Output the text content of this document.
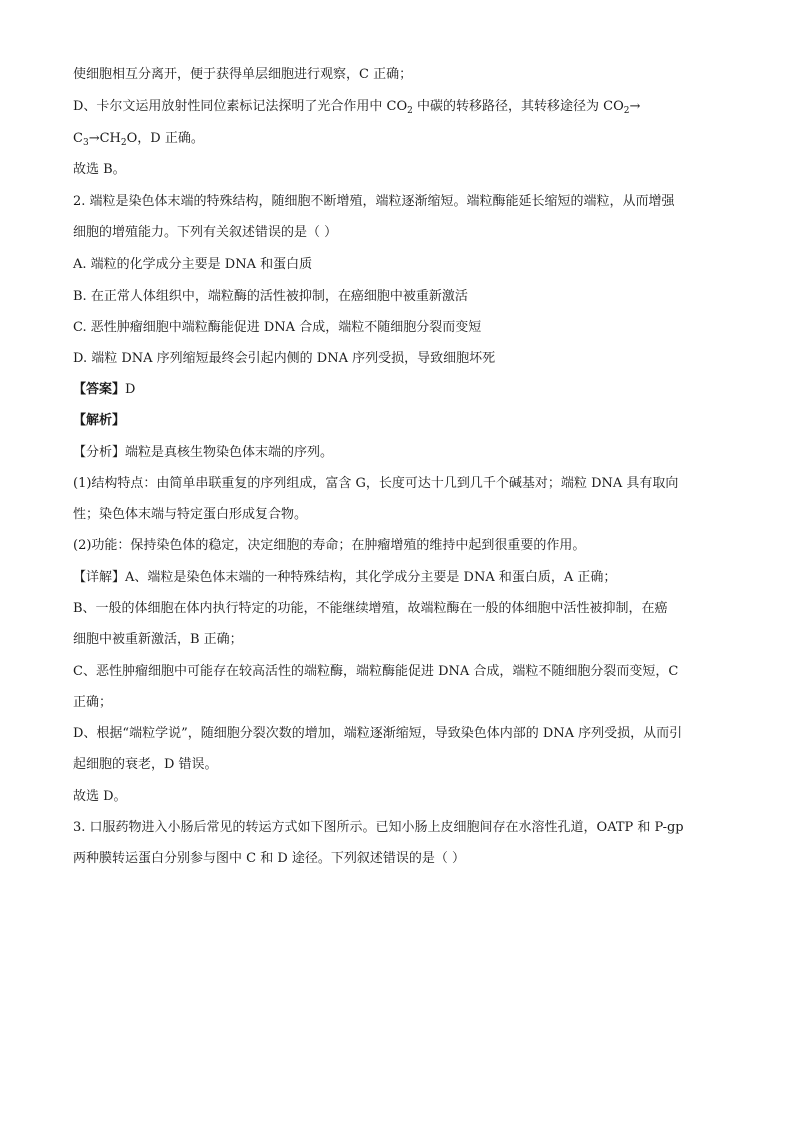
使细胞相互分离开，便于获得单层细胞进行观察，C 正确；
D、卡尔文运用放射性同位素标记法探明了光合作用中 $CO_2$ 中碳的转移路径，其转移途径为 $CO_2\to$
$C_3\to CH_2O$，D 正确。
故选 B。
2. 端粒是染色体末端的特殊结构，随细胞不断增殖，端粒逐渐缩短。端粒酶能延长缩短的端粒，从而增强
细胞的增殖能力。下列有关叙述错误的是（ ）
A. 端粒的化学成分主要是 DNA 和蛋白质
B. 在正常人体组织中，端粒酶的活性被抑制，在癌细胞中被重新激活
C. 恶性肿瘤细胞中端粒酶能促进 DNA 合成，端粒不随细胞分裂而变短
D. 端粒 DNA 序列缩短最终会引起内侧的 DNA 序列受损，导致细胞坏死
【答案】D
【解析】
【分析】端粒是真核生物染色体末端的序列。
(1)结构特点：由简单串联重复的序列组成，富含 G，长度可达十几到几千个碱基对；端粒 DNA 具有取向
性；染色体末端与特定蛋白形成复合物。
(2)功能：保持染色体的稳定，决定细胞的寿命；在肿瘤增殖的维持中起到很重要的作用。
【详解】A、端粒是染色体末端的一种特殊结构，其化学成分主要是 DNA 和蛋白质，A 正确；
B、一般的体细胞在体内执行特定的功能，不能继续增殖，故端粒酶在一般的体细胞中活性被抑制，在癌
细胞中被重新激活，B 正确；
C、恶性肿瘤细胞中可能存在较高活性的端粒酶，端粒酶能促进 DNA 合成，端粒不随细胞分裂而变短，C
正确；
D、根据“端粒学说”，随细胞分裂次数的增加，端粒逐渐缩短，导致染色体内部的 DNA 序列受损，从而引
起细胞的衰老，D 错误。
故选 D。
3. 口服药物进入小肠后常见的转运方式如下图所示。已知小肠上皮细胞间存在水溶性孔道，OATP 和 P-gp
两种膜转运蛋白分别参与图中 C 和 D 途径。下列叙述错误的是（ ）
